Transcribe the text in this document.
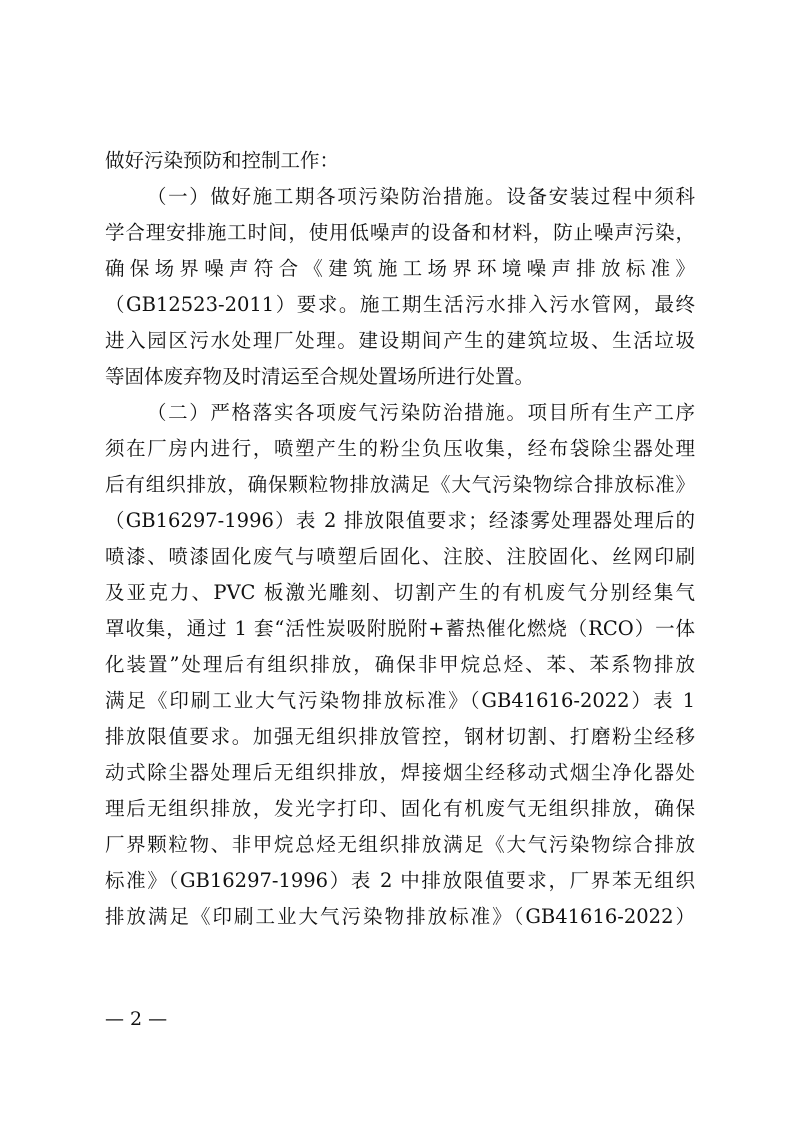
做好污染预防和控制工作：
（一）做好施工期各项污染防治措施。设备安装过程中须科
学合理安排施工时间，使用低噪声的设备和材料，防止噪声污染，
确保场界噪声符合《建筑施工场界环境噪声排放标准》
（GB12523-2011）要求。施工期生活污水排入污水管网，最终
进入园区污水处理厂处理。建设期间产生的建筑垃圾、生活垃圾
等固体废弃物及时清运至合规处置场所进行处置。
（二）严格落实各项废气污染防治措施。项目所有生产工序
须在厂房内进行，喷塑产生的粉尘负压收集，经布袋除尘器处理
后有组织排放，确保颗粒物排放满足《大气污染物综合排放标准》
（GB16297-1996）表 2 排放限值要求；经漆雾处理器处理后的
喷漆、喷漆固化废气与喷塑后固化、注胶、注胶固化、丝网印刷
及亚克力、PVC 板激光雕刻、切割产生的有机废气分别经集气
罩收集，通过 1 套“活性炭吸附脱附+蓄热催化燃烧（RCO）一体
化装置”处理后有组织排放，确保非甲烷总烃、苯、苯系物排放
满足《印刷工业大气污染物排放标准》（GB41616-2022）表 1
排放限值要求。加强无组织排放管控，钢材切割、打磨粉尘经移
动式除尘器处理后无组织排放，焊接烟尘经移动式烟尘净化器处
理后无组织排放，发光字打印、固化有机废气无组织排放，确保
厂界颗粒物、非甲烷总烃无组织排放满足《大气污染物综合排放
标准》（GB16297-1996）表 2 中排放限值要求，厂界苯无组织
排放满足《印刷工业大气污染物排放标准》（GB41616-2022）
— 2 —
